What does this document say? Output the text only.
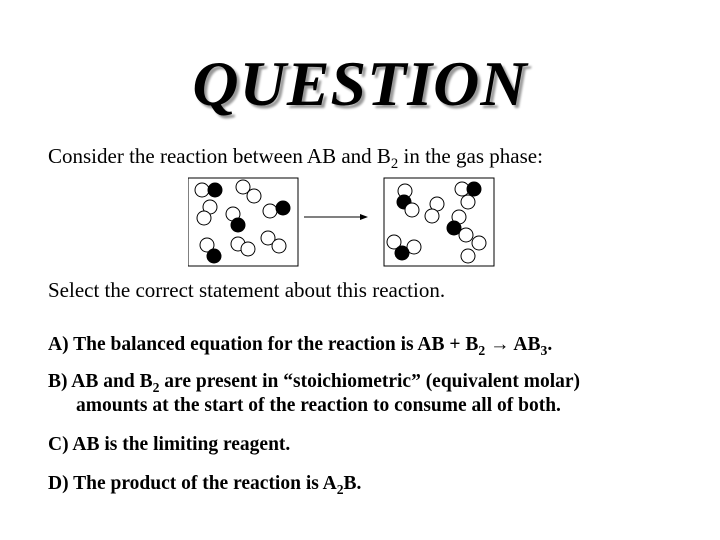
QUESTION
Consider the reaction between AB and $B_2$ in the gas phase:
Select the correct statement about this reaction.
A) The balanced equation for the reaction is AB + $B_2 \to AB_3$.
B) AB and $B_2$ are present in “stoichiometric” (equivalent molar)
amounts at the start of the reaction to consume all of both.
C) AB is the limiting reagent.
D) The product of the reaction is $A_2B$.
